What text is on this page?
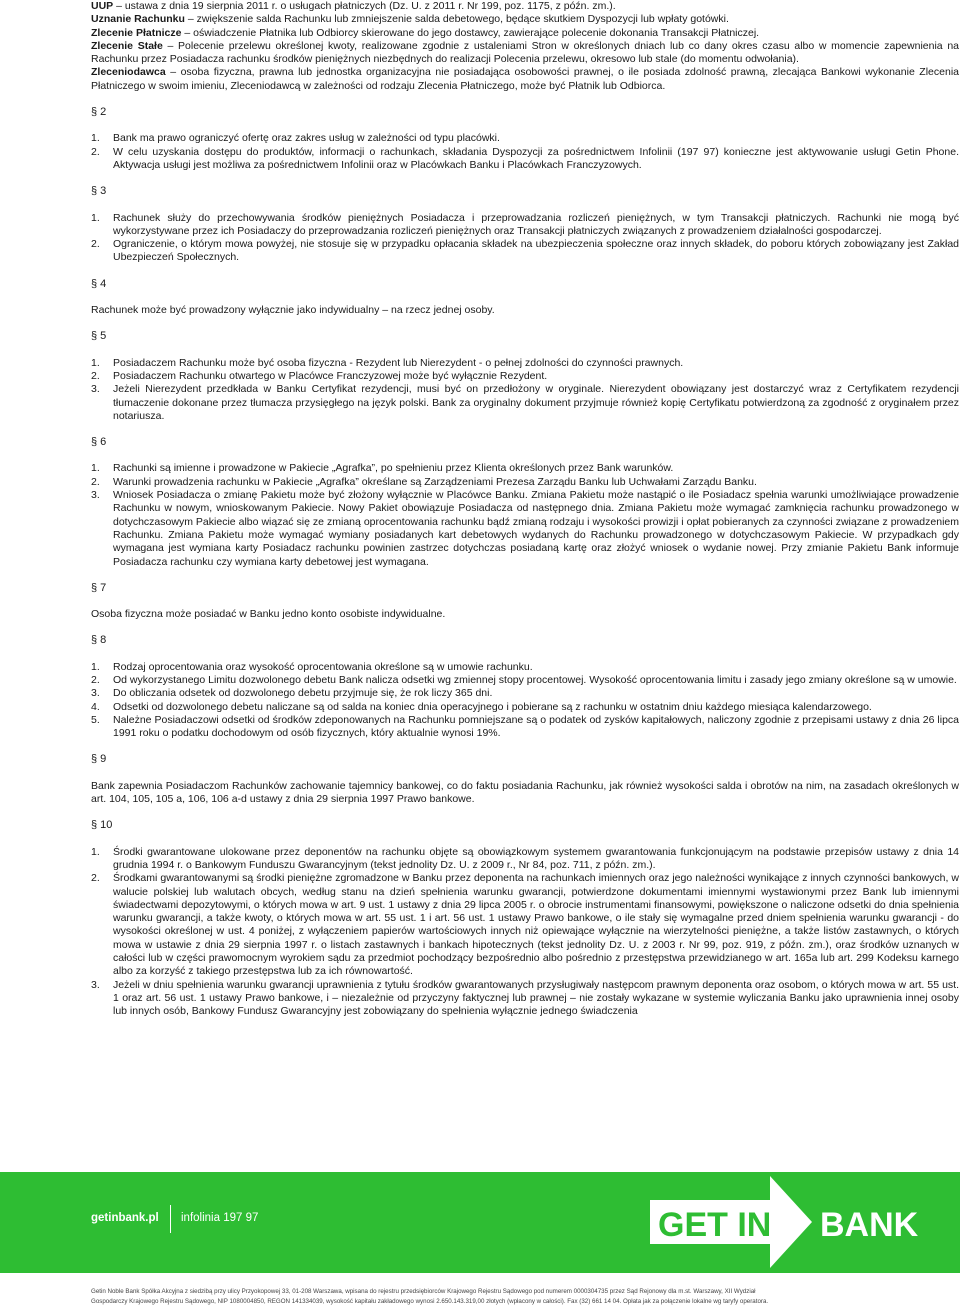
UUP – ustawa z dnia 19 sierpnia 2011 r. o usługach płatniczych (Dz. U. z 2011 r. Nr 199, poz. 1175, z późn. zm.).

Uznanie Rachunku – zwiększenie salda Rachunku lub zmniejszenie salda debetowego, będące skutkiem Dyspozycji lub wpłaty gotówki.

Zlecenie Płatnicze – oświadczenie Płatnika lub Odbiorcy skierowane do jego dostawcy, zawierające polecenie dokonania Transakcji Płatniczej.

Zlecenie Stałe – Polecenie przelewu określonej kwoty, realizowane zgodnie z ustaleniami Stron w określonych dniach lub co dany okres czasu albo w momencie zapewnienia na Rachunku przez Posiadacza rachunku środków pieniężnych niezbędnych do realizacji Polecenia przelewu, okresowo lub stale (do momentu odwołania).

Zleceniodawca – osoba fizyczna, prawna lub jednostka organizacyjna nie posiadająca osobowości prawnej, o ile posiada zdolność prawną, zlecająca Bankowi wykonanie Zlecenia Płatniczego w swoim imieniu, Zleceniodawcą w zależności od rodzaju Zlecenia Płatniczego, może być Płatnik lub Odbiorca.

§ 2
1. Bank ma prawo ograniczyć ofertę oraz zakres usług w zależności od typu placówki.
2. W celu uzyskania dostępu do produktów, informacji o rachunkach, składania Dyspozycji za pośrednictwem Infolinii (197 97) konieczne jest aktywowanie usługi Getin Phone. Aktywacja usługi jest możliwa za pośrednictwem Infolinii oraz w Placówkach Banku i Placówkach Franczyzowych.
§ 3
1. Rachunek służy do przechowywania środków pieniężnych Posiadacza i przeprowadzania rozliczeń pieniężnych, w tym Transakcji płatniczych. Rachunki nie mogą być wykorzystywane przez ich Posiadaczy do przeprowadzania rozliczeń pieniężnych oraz Transakcji płatniczych związanych z prowadzeniem działalności gospodarczej.
2. Ograniczenie, o którym mowa powyżej, nie stosuje się w przypadku opłacania składek na ubezpieczenia społeczne oraz innych składek, do poboru których zobowiązany jest Zakład Ubezpieczeń Społecznych.
§ 4

Rachunek może być prowadzony wyłącznie jako indywidualny – na rzecz jednej osoby.

§ 5
1. Posiadaczem Rachunku może być osoba fizyczna - Rezydent lub Nierezydent - o pełnej zdolności do czynności prawnych.
2. Posiadaczem Rachunku otwartego w Placówce Franczyzowej może być wyłącznie Rezydent.
3. Jeżeli Nierezydent przedkłada w Banku Certyfikat rezydencji, musi być on przedłożony w oryginale. Nierezydent obowiązany jest dostarczyć wraz z Certyfikatem rezydencji tłumaczenie dokonane przez tłumacza przysięgłego na język polski. Bank za oryginalny dokument przyjmuje również kopię Certyfikatu potwierdzoną za zgodność z oryginałem przez notariusza.
§ 6
1. Rachunki są imienne i prowadzone w Pakiecie „Agrafka”, po spełnieniu przez Klienta określonych przez Bank warunków.
2. Warunki prowadzenia rachunku w Pakiecie „Agrafka” określane są Zarządzeniami Prezesa Zarządu Banku lub Uchwałami Zarządu Banku.
3. Wniosek Posiadacza o zmianę Pakietu może być złożony wyłącznie w Placówce Banku. Zmiana Pakietu może nastąpić o ile Posiadacz spełnia warunki umożliwiające prowadzenie Rachunku w nowym, wnioskowanym Pakiecie. Nowy Pakiet obowiązuje Posiadacza od następnego dnia. Zmiana Pakietu może wymagać zamknięcia rachunku prowadzonego w dotychczasowym Pakiecie albo wiązać się ze zmianą oprocentowania rachunku bądź zmianą rodzaju i wysokości prowizji i opłat pobieranych za czynności związane z prowadzeniem Rachunku. Zmiana Pakietu może wymagać wymiany posiadanych kart debetowych wydanych do Rachunku prowadzonego w dotychczasowym Pakiecie. W przypadkach gdy wymagana jest wymiana karty Posiadacz rachunku powinien zastrzec dotychczas posiadaną kartę oraz złożyć wniosek o wydanie nowej. Przy zmianie Pakietu Bank informuje Posiadacza rachunku czy wymiana karty debetowej jest wymagana.
§ 7

Osoba fizyczna może posiadać w Banku jedno konto osobiste indywidualne.

§ 8
1. Rodzaj oprocentowania oraz wysokość oprocentowania określone są w umowie rachunku.
2. Od wykorzystanego Limitu dozwolonego debetu Bank nalicza odsetki wg zmiennej stopy procentowej. Wysokość oprocentowania limitu i zasady jego zmiany określone są w umowie.
3. Do obliczania odsetek od dozwolonego debetu przyjmuje się, że rok liczy 365 dni.
4. Odsetki od dozwolonego debetu naliczane są od salda na koniec dnia operacyjnego i pobierane są z rachunku w ostatnim dniu każdego miesiąca kalendarzowego.
5. Należne Posiadaczowi odsetki od środków zdeponowanych na Rachunku pomniejszane są o podatek od zysków kapitałowych, naliczony zgodnie z przepisami ustawy z dnia 26 lipca 1991 roku o podatku dochodowym od osób fizycznych, który aktualnie wynosi 19%.
§ 9

Bank zapewnia Posiadaczom Rachunków zachowanie tajemnicy bankowej, co do faktu posiadania Rachunku, jak również wysokości salda i obrotów na nim, na zasadach określonych w art. 104, 105, 105 a, 106, 106 a-d ustawy z dnia 29 sierpnia 1997 Prawo bankowe.

§ 10
1. Środki gwarantowane ulokowane przez deponentów na rachunku objęte są obowiązkowym systemem gwarantowania funkcjonującym na podstawie przepisów ustawy z dnia 14 grudnia 1994 r. o Bankowym Funduszu Gwarancyjnym (tekst jednolity Dz. U. z 2009 r., Nr 84, poz. 711, z późn. zm.).
2. Środkami gwarantowanymi są środki pieniężne zgromadzone w Banku przez deponenta na rachunkach imiennych oraz jego należności wynikające z innych czynności bankowych, w walucie polskiej lub walutach obcych, według stanu na dzień spełnienia warunku gwarancji, potwierdzone dokumentami imiennymi wystawionymi przez Bank lub imiennymi świadectwami depozytowymi, o których mowa w art. 9 ust. 1 ustawy z dnia 29 lipca 2005 r. o obrocie instrumentami finansowymi, powiększone o naliczone odsetki do dnia spełnienia warunku gwarancji, a także kwoty, o których mowa w art. 55 ust. 1 i art. 56 ust. 1 ustawy Prawo bankowe, o ile stały się wymagalne przed dniem spełnienia warunku gwarancji - do wysokości określonej w ust. 4 poniżej, z wyłączeniem papierów wartościowych innych niż opiewające wyłącznie na wierzytelności pieniężne, a także listów zastawnych, o których mowa w ustawie z dnia 29 sierpnia 1997 r. o listach zastawnych i bankach hipotecznych (tekst jednolity Dz. U. z 2003 r. Nr 99, poz. 919, z późn. zm.), oraz środków uznanych w całości lub w części prawomocnym wyrokiem sądu za przedmiot pochodzący bezpośrednio albo pośrednio z przestępstwa przewidzianego w art. 165a lub art. 299 Kodeksu karnego albo za korzyść z takiego przestępstwa lub za ich równowartość.
3. Jeżeli w dniu spełnienia warunku gwarancji uprawnienia z tytułu środków gwarantowanych przysługiwały następcom prawnym deponenta oraz osobom, o których mowa w art. 55 ust. 1 oraz art. 56 ust. 1 ustawy Prawo bankowe, i – niezależnie od przyczyny faktycznej lub prawnej – nie zostały wykazane w systemie wyliczania Banku jako uprawnienia innej osoby lub innych osób, Bankowy Fundusz Gwarancyjny jest zobowiązany do spełnienia wyłącznie jednego świadczenia
getinbank.pl infolinia 197 97	GET IN BANK

Getin Noble Bank Spółka Akcyjna z siedzibą przy ulicy Przyokopowej 33, 01-208 Warszawa, wpisana do rejestru przedsiębiorców Krajowego Rejestru Sądowego pod numerem 0000304735 przez Sąd Rejonowy dla m.st. Warszawy, XII Wydział

Gospodarczy Krajowego Rejestru Sądowego, NIP 1080004850, REGON 141334039, wysokość kapitału zakładowego wynosi 2.650.143.319,00 złotych (wpłacony w całości). Fax (32) 661 14 04. Opłata jak za połączenie lokalne wg taryfy operatora.
